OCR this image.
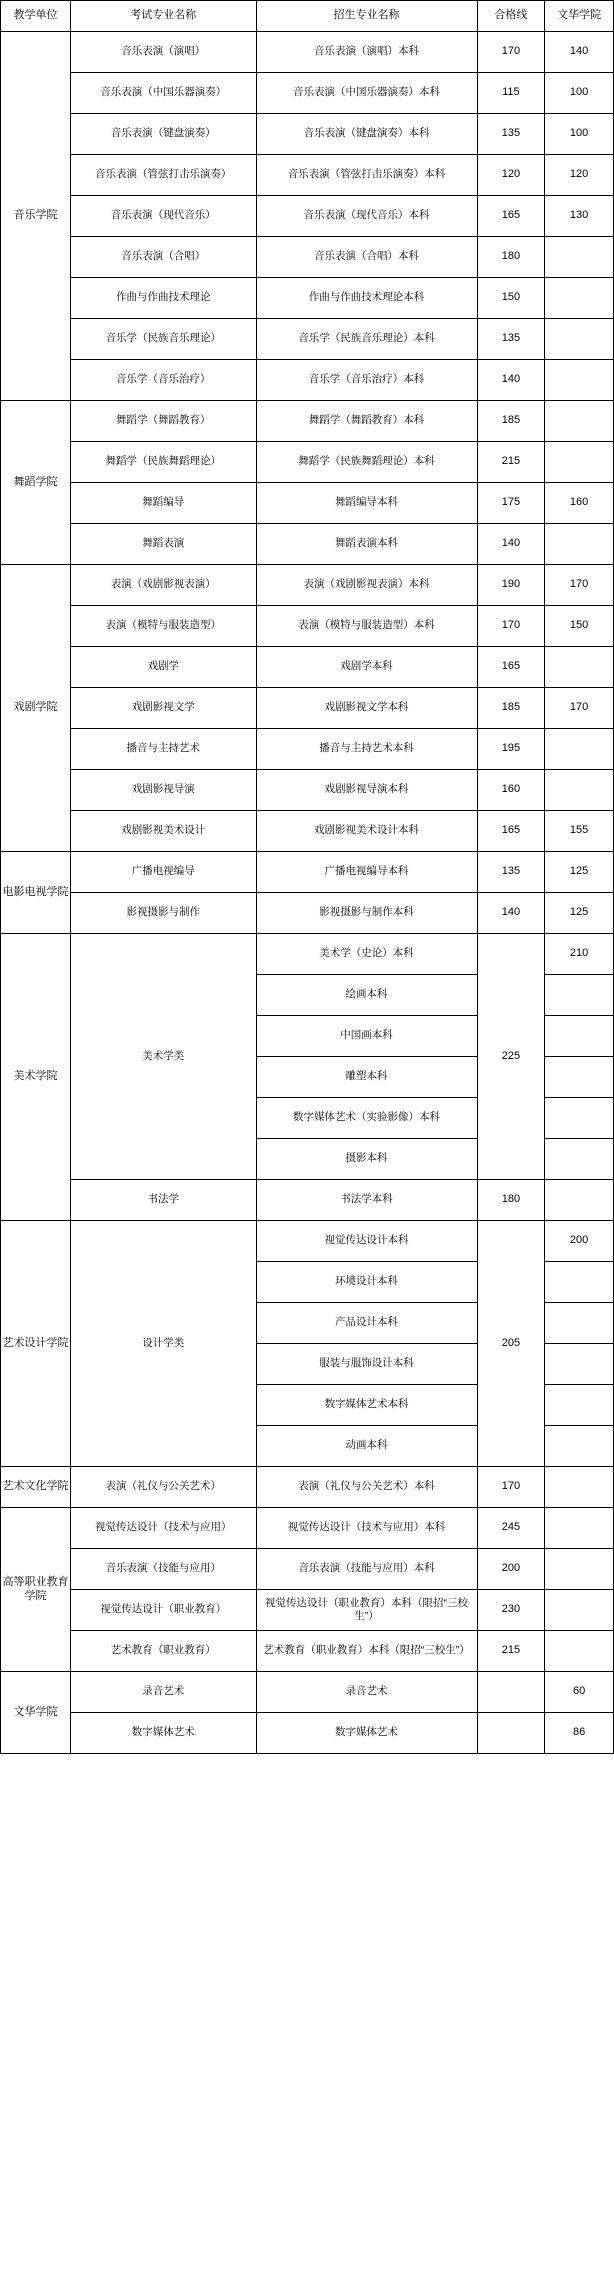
教学单位	考试专业名称	招生专业名称	合格线	文华学院
音乐学院	音乐表演（演唱）	音乐表演（演唱）本科	170	140
	音乐表演（中国乐器演奏）	音乐表演（中国乐器演奏）本科	115	100
	音乐表演（键盘演奏）	音乐表演（键盘演奏）本科	135	100
	音乐表演（管弦打击乐演奏）	音乐表演（管弦打击乐演奏）本科	120	120
	音乐表演（现代音乐）	音乐表演（现代音乐）本科	165	130
	音乐表演（合唱）	音乐表演（合唱）本科	180	
	作曲与作曲技术理论	作曲与作曲技术理论本科	150	
	音乐学（民族音乐理论）	音乐学（民族音乐理论）本科	135	
	音乐学（音乐治疗）	音乐学（音乐治疗）本科	140	
舞蹈学院	舞蹈学（舞蹈教育）	舞蹈学（舞蹈教育）本科	185	
	舞蹈学（民族舞蹈理论）	舞蹈学（民族舞蹈理论）本科	215	
	舞蹈编导	舞蹈编导本科	175	160
	舞蹈表演	舞蹈表演本科	140	
戏剧学院	表演（戏剧影视表演）	表演（戏剧影视表演）本科	190	170
	表演（模特与服装造型）	表演（模特与服装造型）本科	170	150
	戏剧学	戏剧学本科	165	
	戏剧影视文学	戏剧影视文学本科	185	170
	播音与主持艺术	播音与主持艺术本科	195	
	戏剧影视导演	戏剧影视导演本科	160	
	戏剧影视美术设计	戏剧影视美术设计本科	165	155
电影电视学院	广播电视编导	广播电视编导本科	135	125
	影视摄影与制作	影视摄影与制作本科	140	125
美术学院	美术学类	美术学（史论）本科	225	210
		绘画本科		
		中国画本科		
		雕塑本科		
		数字媒体艺术（实验影像）本科		
		摄影本科		
	书法学	书法学本科	180	
艺术设计学院	设计学类	视觉传达设计本科	205	200
		环境设计本科		
		产品设计本科		
		服装与服饰设计本科		
		数字媒体艺术本科		
		动画本科		
艺术文化学院	表演（礼仪与公关艺术）	表演（礼仪与公关艺术）本科	170	
高等职业教育学院	视觉传达设计（技术与应用）	视觉传达设计（技术与应用）本科	245	
	音乐表演（技能与应用）	音乐表演（技能与应用）本科	200	
	视觉传达设计（职业教育）	视觉传达设计（职业教育）本科（限招“三校生”）	230	
	艺术教育（职业教育）	艺术教育（职业教育）本科（限招“三校生”）	215	
文华学院	录音艺术	录音艺术		60
	数字媒体艺术	数字媒体艺术		86
